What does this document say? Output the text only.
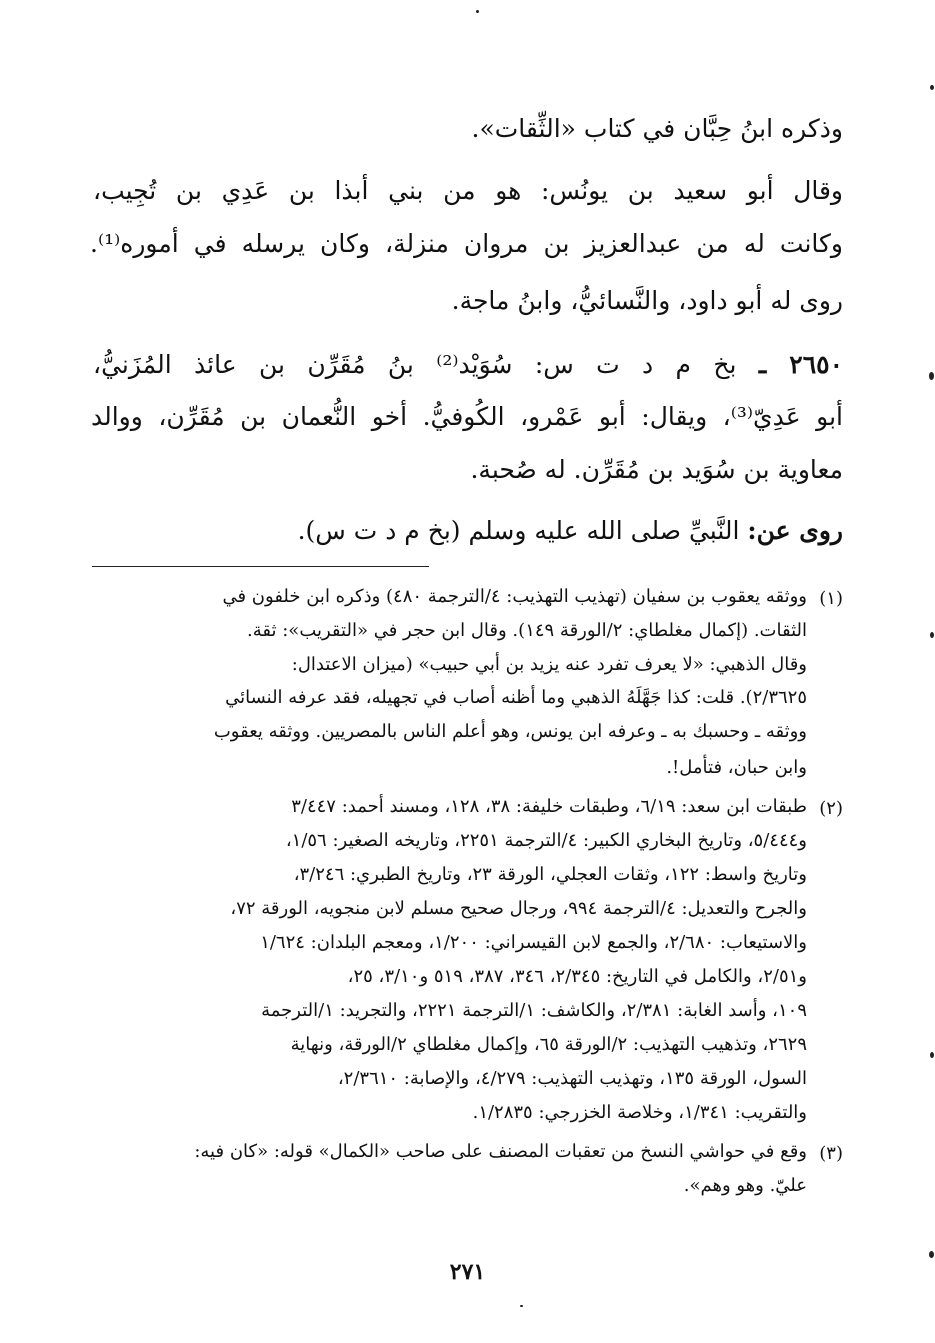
وذكره ابنُ حِبَّان في كتاب «الثِّقات».
وقال أبو سعيد بن يونُس: هو من بني أبذا بن عَدِي بن تُجِيب،
وكانت له من عبدالعزيز بن مروان منزلة، وكان يرسله في أموره⁽¹⁾.
روى له أبو داود، والنَّسائيُّ، وابنُ ماجة.
٢٦٥٠ ـ بخ م د ت س: سُوَيْد⁽²⁾ بنُ مُقَرِّن بن عائذ المُزَنيُّ،
أبو عَدِيّ⁽³⁾، ويقال: أبو عَمْرو، الكُوفيُّ. أخو النُّعمان بن مُقَرِّن، ووالد
معاوية بن سُوَيد بن مُقَرِّن. له صُحبة.
روى عن: النَّبيِّ صلى الله عليه وسلم (بخ م د ت س).
(١)
ووثقه يعقوب بن سفيان (تهذيب التهذيب: ٤/الترجمة ٤٨٠) وذكره ابن خلفون في
الثقات. (إكمال مغلطاي: ٢/الورقة ١٤٩). وقال ابن حجر في «التقريب»: ثقة.
وقال الذهبي: «لا يعرف تفرد عنه يزيد بن أبي حبيب» (ميزان الاعتدال:
٢/٣٦٢٥). قلت: كذا جَهَّلَهُ الذهبي وما أظنه أصاب في تجهيله، فقد عرفه النسائي
ووثقه ـ وحسبك به ـ وعرفه ابن يونس، وهو أعلم الناس بالمصريين. ووثقه يعقوب
وابن حبان، فتأمل!.
(٢)
طبقات ابن سعد: ٦/١٩، وطبقات خليفة: ٣٨، ١٢٨، ومسند أحمد: ٣/٤٤٧
و٥/٤٤٤، وتاريخ البخاري الكبير: ٤/الترجمة ٢٢٥١، وتاريخه الصغير: ١/٥٦،
وتاريخ واسط: ١٢٢، وثقات العجلي، الورقة ٢٣، وتاريخ الطبري: ٣/٢٤٦،
والجرح والتعديل: ٤/الترجمة ٩٩٤، ورجال صحيح مسلم لابن منجويه، الورقة ٧٢،
والاستيعاب: ٢/٦٨٠، والجمع لابن القيسراني: ١/٢٠٠، ومعجم البلدان: ١/٦٢٤
و٢/٥١، والكامل في التاريخ: ٢/٣٤٥، ٣٤٦، ٣٨٧، ٥١٩ و٣/١٠، ٢٥،
١٠٩، وأسد الغابة: ٢/٣٨١، والكاشف: ١/الترجمة ٢٢٢١، والتجريد: ١/الترجمة
٢٦٢٩، وتذهيب التهذيب: ٢/الورقة ٦٥، وإكمال مغلطاي ٢/الورقة، ونهاية
السول، الورقة ١٣٥، وتهذيب التهذيب: ٤/٢٧٩، والإصابة: ٢/٣٦١٠،
والتقريب: ١/٣٤١، وخلاصة الخزرجي: ١/٢٨٣٥.
(٣)
وقع في حواشي النسخ من تعقبات المصنف على صاحب «الكمال» قوله: «كان فيه:
عليّ. وهو وهم».
٢٧١
